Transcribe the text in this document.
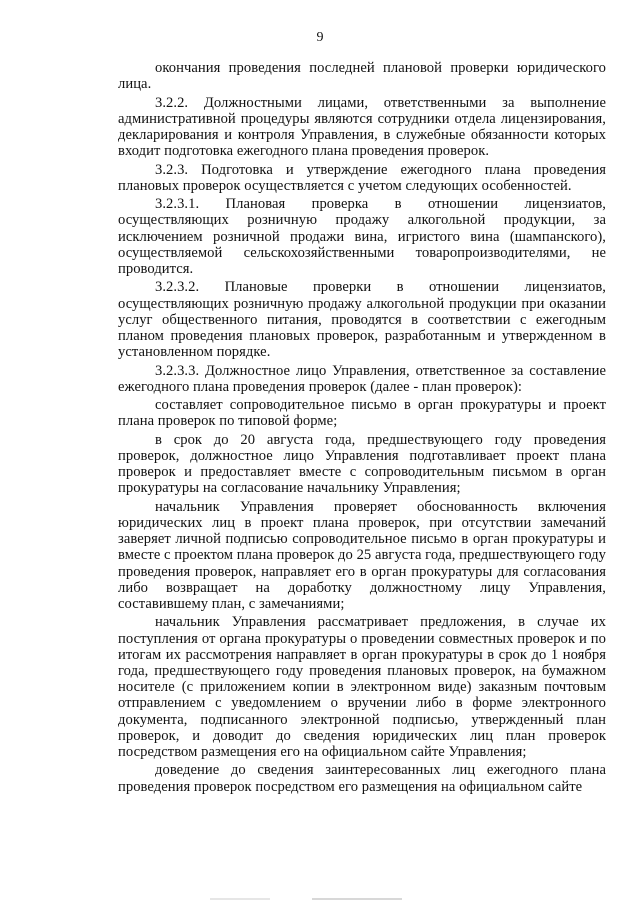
9

окончания проведения последней плановой проверки юридического лица.

3.2.2. Должностными лицами, ответственными за выполнение административной процедуры являются сотрудники отдела лицензирования, декларирования и контроля Управления, в служебные обязанности которых входит подготовка ежегодного плана проведения проверок.

3.2.3. Подготовка и утверждение ежегодного плана проведения плановых проверок осуществляется с учетом следующих особенностей.

3.2.3.1. Плановая проверка в отношении лицензиатов, осуществляющих розничную продажу алкогольной продукции, за исключением розничной продажи вина, игристого вина (шампанского), осуществляемой сельскохозяйственными товаропроизводителями, не проводится.

3.2.3.2. Плановые проверки в отношении лицензиатов, осуществляющих розничную продажу алкогольной продукции при оказании услуг общественного питания, проводятся в соответствии с ежегодным планом проведения плановых проверок, разработанным и утвержденном в установленном порядке.

3.2.3.3. Должностное лицо Управления, ответственное за составление ежегодного плана проведения проверок (далее - план проверок):

составляет сопроводительное письмо в орган прокуратуры и проект плана проверок по типовой форме;

в срок до 20 августа года, предшествующего году проведения проверок, должностное лицо Управления подготавливает проект плана проверок и предоставляет вместе с сопроводительным письмом в орган прокуратуры на согласование начальнику Управления;

начальник Управления проверяет обоснованность включения юридических лиц в проект плана проверок, при отсутствии замечаний заверяет личной подписью сопроводительное письмо в орган прокуратуры и вместе с проектом плана проверок до 25 августа года, предшествующего году проведения проверок, направляет его в орган прокуратуры для согласования либо возвращает на доработку должностному лицу Управления, составившему план, с замечаниями;

начальник Управления рассматривает предложения, в случае их поступления от органа прокуратуры о проведении совместных проверок и по итогам их рассмотрения направляет в орган прокуратуры в срок до 1 ноября года, предшествующего году проведения плановых проверок, на бумажном носителе (с приложением копии в электронном виде) заказным почтовым отправлением с уведомлением о вручении либо в форме электронного документа, подписанного электронной подписью, утвержденный план проверок, и доводит до сведения юридических лиц план проверок посредством размещения его на официальном сайте Управления;

доведение до сведения заинтересованных лиц ежегодного плана проведения проверок посредством его размещения на официальном сайте
